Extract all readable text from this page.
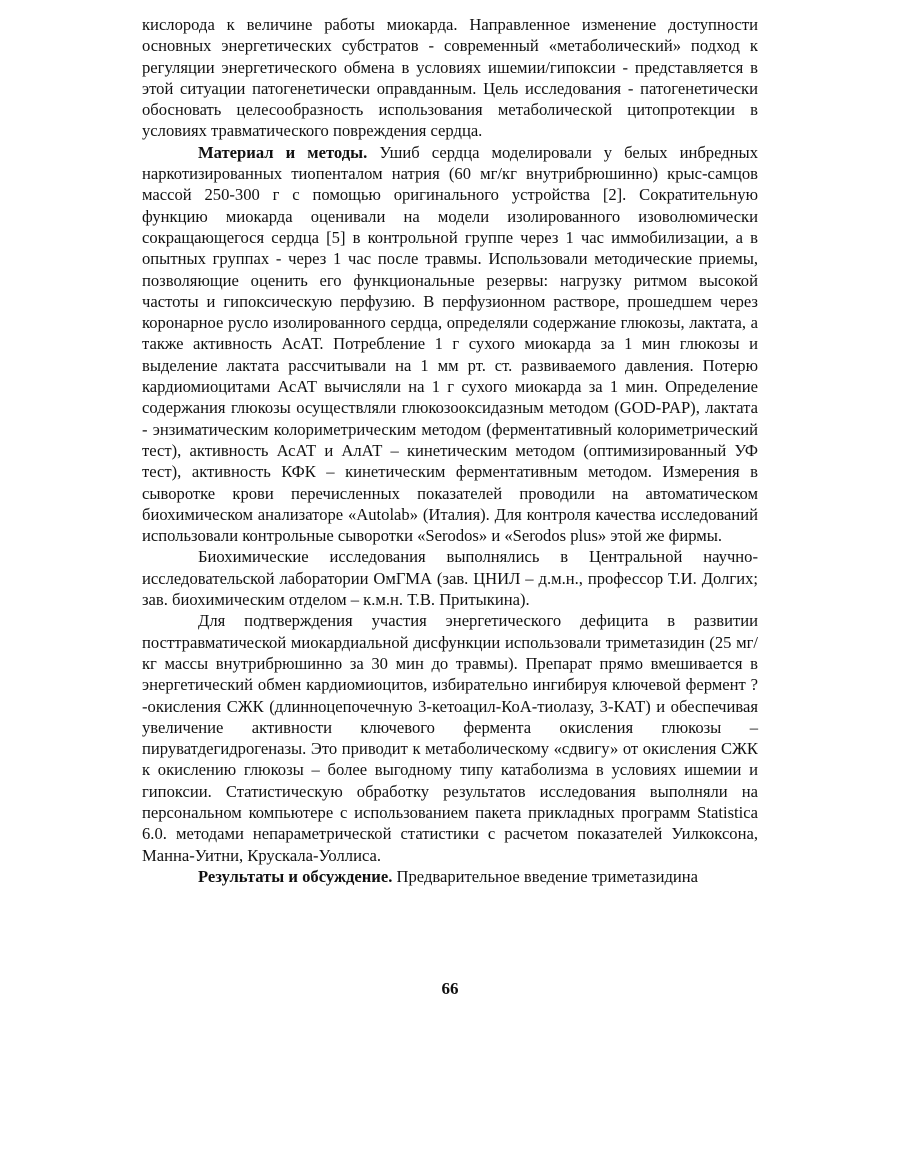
кислорода к величине работы миокарда. Направленное изменение доступности основных энергетических субстратов - современный «метаболический» подход к регуляции энергетического обмена в условиях ишемии/гипоксии - представляется в этой ситуации патогенетически оправданным. Цель исследования - патогенетически обосновать целесообразность использования метаболической цитопротекции в условиях травматического повреждения сердца.

Материал и методы. Ушиб сердца моделировали у белых инбредных наркотизированных тиопенталом натрия (60 мг/кг внутрибрюшинно) крыс-самцов массой 250-300 г с помощью оригинального устройства [2]. Сократительную функцию миокарда оценивали на модели изолированного изоволюмически сокращающегося сердца [5] в контрольной группе через 1 час иммобилизации, а в опытных группах - через 1 час после травмы. Использовали методические приемы, позволяющие оценить его функциональные резервы: нагрузку ритмом высокой частоты и гипоксическую перфузию. В перфузионном растворе, прошедшем через коронарное русло изолированного сердца, определяли содержание глюкозы, лактата, а также активность АсАТ. Потребление 1 г сухого миокарда за 1 мин глюкозы и выделение лактата рассчитывали на 1 мм рт. ст. развиваемого давления. Потерю кардиомиоцитами АсАТ вычисляли на 1 г сухого миокарда за 1 мин. Определение содержания глюкозы осуществляли глюкозооксидазным методом (GOD-PAP), лактата - энзиматическим колориметрическим методом (ферментативный колориметрический тест), активность АсАТ и АлАТ – кинетическим методом (оптимизированный УФ тест), активность КФК – кинетическим ферментативным методом. Измерения в сыворотке крови перечисленных показателей проводили на автоматическом биохимическом анализаторе «Autolab» (Италия). Для контроля качества исследований использовали контрольные сыворотки «Serodos» и «Serodos plus» этой же фирмы.

Биохимические исследования выполнялись в Центральной научно-исследовательской лаборатории ОмГМА (зав. ЦНИЛ – д.м.н., профессор Т.И. Долгих; зав. биохимическим отделом – к.м.н. Т.В. Притыкина).

Для подтверждения участия энергетического дефицита в развитии посттравматической миокардиальной дисфункции использовали триметазидин (25 мг/кг массы внутрибрюшинно за 30 мин до травмы). Препарат прямо вмешивается в энергетический обмен кардиомиоцитов, избирательно ингибируя ключевой фермент ?-окисления СЖК (длинноцепочечную 3-кетоацил-КоА-тиолазу, 3-КАТ) и обеспечивая увеличение активности ключевого фермента окисления глюкозы – пируватдегидрогеназы. Это приводит к метаболическому «сдвигу» от окисления СЖК к окислению глюкозы – более выгодному типу катаболизма в условиях ишемии и гипоксии. Статистическую обработку результатов исследования выполняли на персональном компьютере с использованием пакета прикладных программ Statistica 6.0. методами непараметрической статистики с расчетом показателей Уилкоксона, Манна-Уитни, Крускала-Уоллиса.

Результаты и обсуждение. Предварительное введение триметазидина

66
